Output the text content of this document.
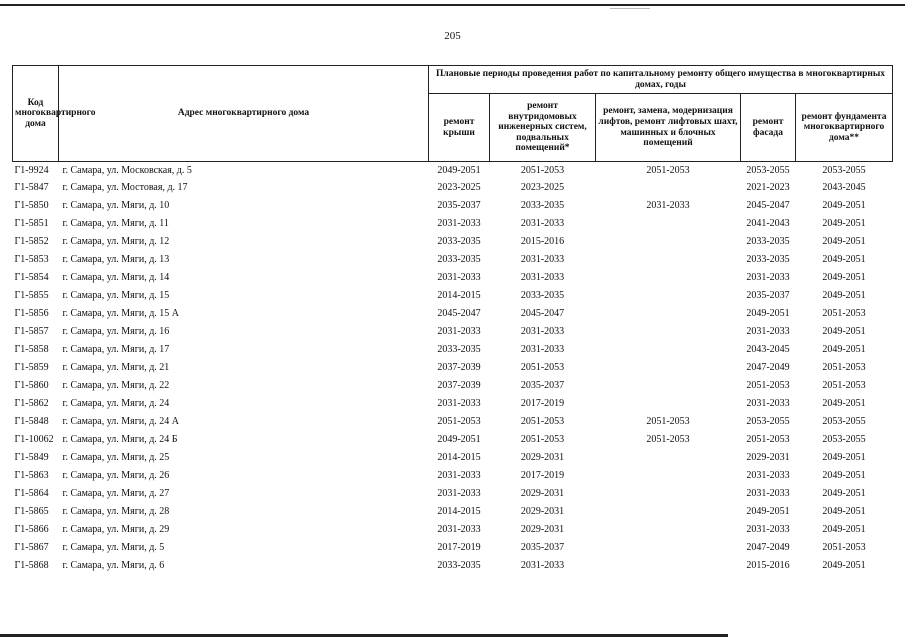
205
Код многоквартирного дома	Адрес многоквартирного дома	Плановые периоды проведения работ по капитальному ремонту общего имущества в многоквартирных домах, годы				
		ремонт крыши	ремонт внутридомовых инженерных систем, подвальных помещений*	ремонт, замена, модернизация лифтов, ремонт лифтовых шахт, машинных и блочных помещений	ремонт фасада	ремонт фундамента многоквартирного дома**
Г1-9924	г. Самара, ул. Московская, д. 5	2049-2051	2051-2053	2051-2053	2053-2055	2053-2055
Г1-5847	г. Самара, ул. Мостовая, д. 17	2023-2025	2023-2025		2021-2023	2043-2045
Г1-5850	г. Самара, ул. Мяги, д. 10	2035-2037	2033-2035	2031-2033	2045-2047	2049-2051
Г1-5851	г. Самара, ул. Мяги, д. 11	2031-2033	2031-2033		2041-2043	2049-2051
Г1-5852	г. Самара, ул. Мяги, д. 12	2033-2035	2015-2016		2033-2035	2049-2051
Г1-5853	г. Самара, ул. Мяги, д. 13	2033-2035	2031-2033		2033-2035	2049-2051
Г1-5854	г. Самара, ул. Мяги, д. 14	2031-2033	2031-2033		2031-2033	2049-2051
Г1-5855	г. Самара, ул. Мяги, д. 15	2014-2015	2033-2035		2035-2037	2049-2051
Г1-5856	г. Самара, ул. Мяги, д. 15 А	2045-2047	2045-2047		2049-2051	2051-2053
Г1-5857	г. Самара, ул. Мяги, д. 16	2031-2033	2031-2033		2031-2033	2049-2051
Г1-5858	г. Самара, ул. Мяги, д. 17	2033-2035	2031-2033		2043-2045	2049-2051
Г1-5859	г. Самара, ул. Мяги, д. 21	2037-2039	2051-2053		2047-2049	2051-2053
Г1-5860	г. Самара, ул. Мяги, д. 22	2037-2039	2035-2037		2051-2053	2051-2053
Г1-5862	г. Самара, ул. Мяги, д. 24	2031-2033	2017-2019		2031-2033	2049-2051
Г1-5848	г. Самара, ул. Мяги, д. 24 А	2051-2053	2051-2053	2051-2053	2053-2055	2053-2055
Г1-10062	г. Самара, ул. Мяги, д. 24 Б	2049-2051	2051-2053	2051-2053	2051-2053	2053-2055
Г1-5849	г. Самара, ул. Мяги, д. 25	2014-2015	2029-2031		2029-2031	2049-2051
Г1-5863	г. Самара, ул. Мяги, д. 26	2031-2033	2017-2019		2031-2033	2049-2051
Г1-5864	г. Самара, ул. Мяги, д. 27	2031-2033	2029-2031		2031-2033	2049-2051
Г1-5865	г. Самара, ул. Мяги, д. 28	2014-2015	2029-2031		2049-2051	2049-2051
Г1-5866	г. Самара, ул. Мяги, д. 29	2031-2033	2029-2031		2031-2033	2049-2051
Г1-5867	г. Самара, ул. Мяги, д. 5	2017-2019	2035-2037		2047-2049	2051-2053
Г1-5868	г. Самара, ул. Мяги, д. 6	2033-2035	2031-2033		2015-2016	2049-2051
